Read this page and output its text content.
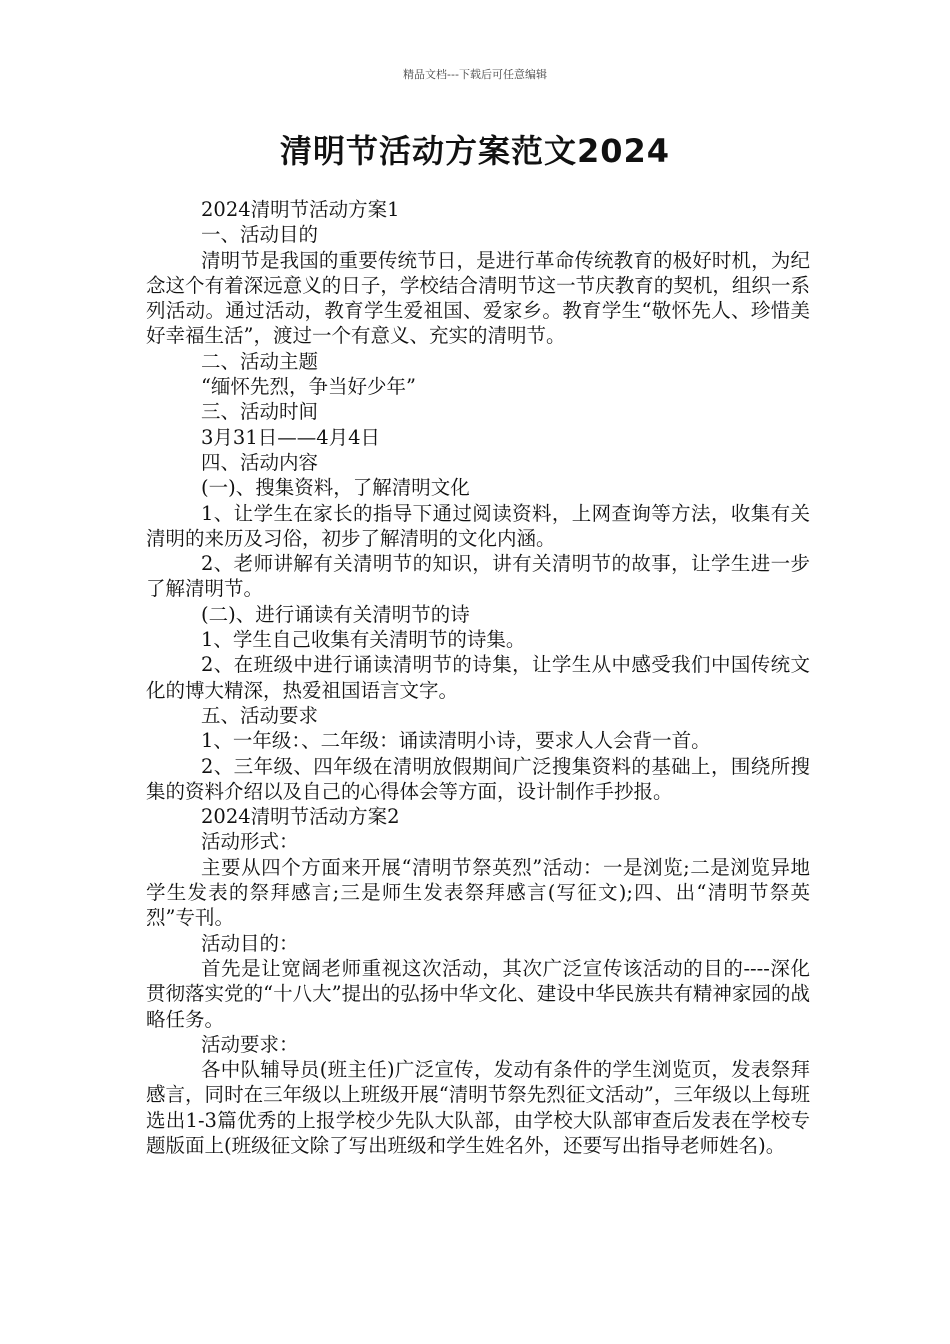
精品文档---下载后可任意编辑
清明节活动方案范文2024

2024清明节活动方案1

一、活动目的

清明节是我国的重要传统节日，是进行革命传统教育的极好时机，为纪念这个有着深远意义的日子，学校结合清明节这一节庆教育的契机，组织一系列活动。通过活动，教育学生爱祖国、爱家乡。教育学生“敬怀先人、珍惜美好幸福生活”，渡过一个有意义、充实的清明节。

二、活动主题

“缅怀先烈，争当好少年”

三、活动时间

3月31日——4月4日

四、活动内容

(一)、搜集资料，了解清明文化

1、让学生在家长的指导下通过阅读资料，上网查询等方法，收集有关清明的来历及习俗，初步了解清明的文化内涵。

2、老师讲解有关清明节的知识，讲有关清明节的故事，让学生进一步了解清明节。

(二)、进行诵读有关清明节的诗

1、学生自己收集有关清明节的诗集。

2、在班级中进行诵读清明节的诗集，让学生从中感受我们中国传统文化的博大精深，热爱祖国语言文字。

五、活动要求

1、一年级：、二年级：诵读清明小诗，要求人人会背一首。

2、三年级、四年级在清明放假期间广泛搜集资料的基础上，围绕所搜集的资料介绍以及自己的心得体会等方面，设计制作手抄报。

2024清明节活动方案2

活动形式：

主要从四个方面来开展“清明节祭英烈”活动：一是浏览;二是浏览异地学生发表的祭拜感言;三是师生发表祭拜感言(写征文);四、出“清明节祭英烈”专刊。

活动目的：

首先是让宽阔老师重视这次活动，其次广泛宣传该活动的目的----深化贯彻落实党的“十八大”提出的弘扬中华文化、建设中华民族共有精神家园的战略任务。

活动要求：

各中队辅导员(班主任)广泛宣传，发动有条件的学生浏览页，发表祭拜感言，同时在三年级以上班级开展“清明节祭先烈征文活动”，三年级以上每班选出1-3篇优秀的上报学校少先队大队部，由学校大队部审查后发表在学校专题版面上(班级征文除了写出班级和学生姓名外，还要写出指导老师姓名)。
